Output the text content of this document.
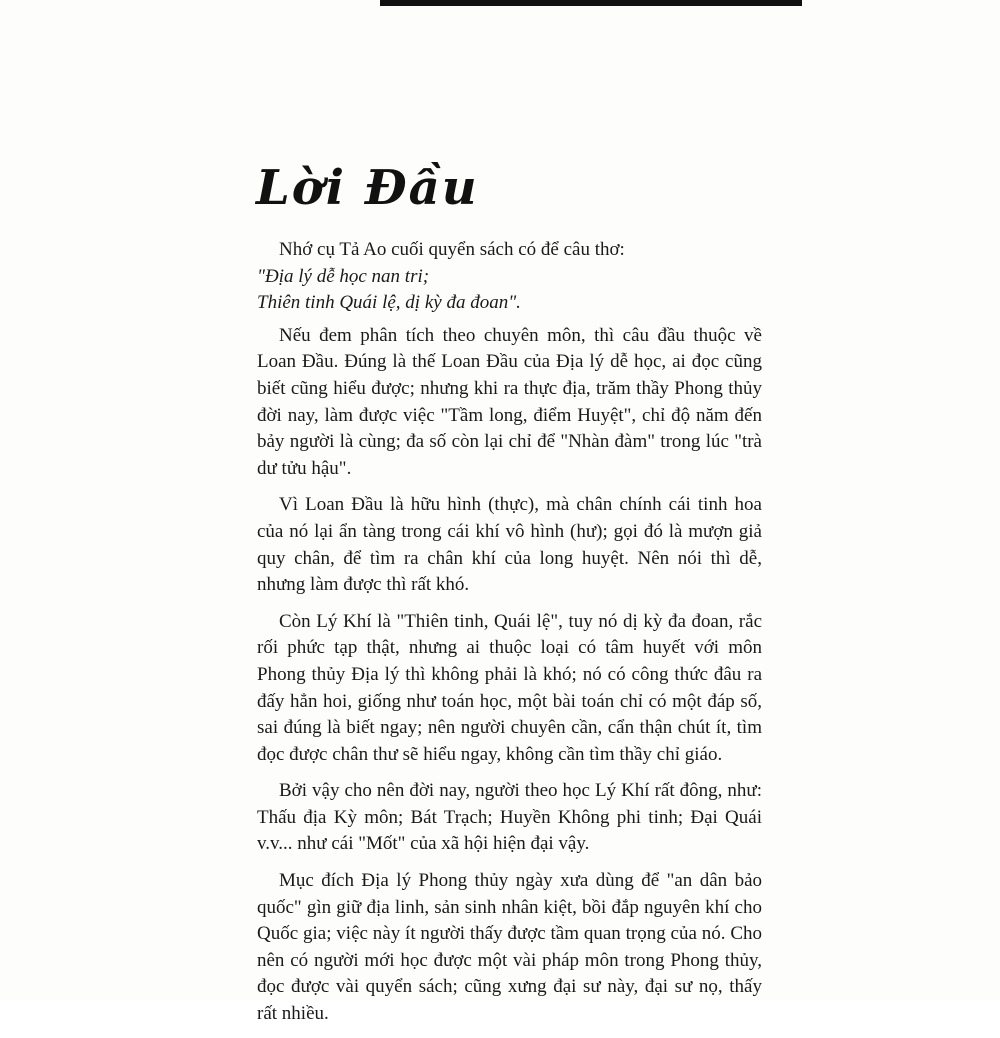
Lời Đầu
Nhớ cụ Tả Ao cuối quyển sách có để câu thơ:
"Địa lý dễ học nan tri;
Thiên tinh Quái lệ, dị kỳ đa đoan".

Nếu đem phân tích theo chuyên môn, thì câu đầu thuộc về Loan Đầu. Đúng là thế Loan Đầu của Địa lý dễ học, ai đọc cũng biết cũng hiểu được; nhưng khi ra thực địa, trăm thầy Phong thủy đời nay, làm được việc "Tầm long, điểm Huyệt", chỉ độ năm đến bảy người là cùng; đa số còn lại chỉ để "Nhàn đàm" trong lúc "trà dư tửu hậu".

Vì Loan Đầu là hữu hình (thực), mà chân chính cái tinh hoa của nó lại ẩn tàng trong cái khí vô hình (hư); gọi đó là mượn giả quy chân, để tìm ra chân khí của long huyệt. Nên nói thì dễ, nhưng làm được thì rất khó.

Còn Lý Khí là "Thiên tinh, Quái lệ", tuy nó dị kỳ đa đoan, rắc rối phức tạp thật, nhưng ai thuộc loại có tâm huyết với môn Phong thủy Địa lý thì không phải là khó; nó có công thức đâu ra đấy hẳn hoi, giống như toán học, một bài toán chỉ có một đáp số, sai đúng là biết ngay; nên người chuyên cần, cẩn thận chút ít, tìm đọc được chân thư sẽ hiểu ngay, không cần tìm thầy chỉ giáo.

Bởi vậy cho nên đời nay, người theo học Lý Khí rất đông, như: Thấu địa Kỳ môn; Bát Trạch; Huyền Không phi tinh; Đại Quái v.v... như cái "Mốt" của xã hội hiện đại vậy.

Mục đích Địa lý Phong thủy ngày xưa dùng để "an dân bảo quốc" gìn giữ địa linh, sản sinh nhân kiệt, bồi đắp nguyên khí cho Quốc gia; việc này ít người thấy được tầm quan trọng của nó. Cho nên có người mới học được một vài pháp môn trong Phong thủy, đọc được vài quyển sách; cũng xưng đại sư này, đại sư nọ, thấy rất nhiều.
